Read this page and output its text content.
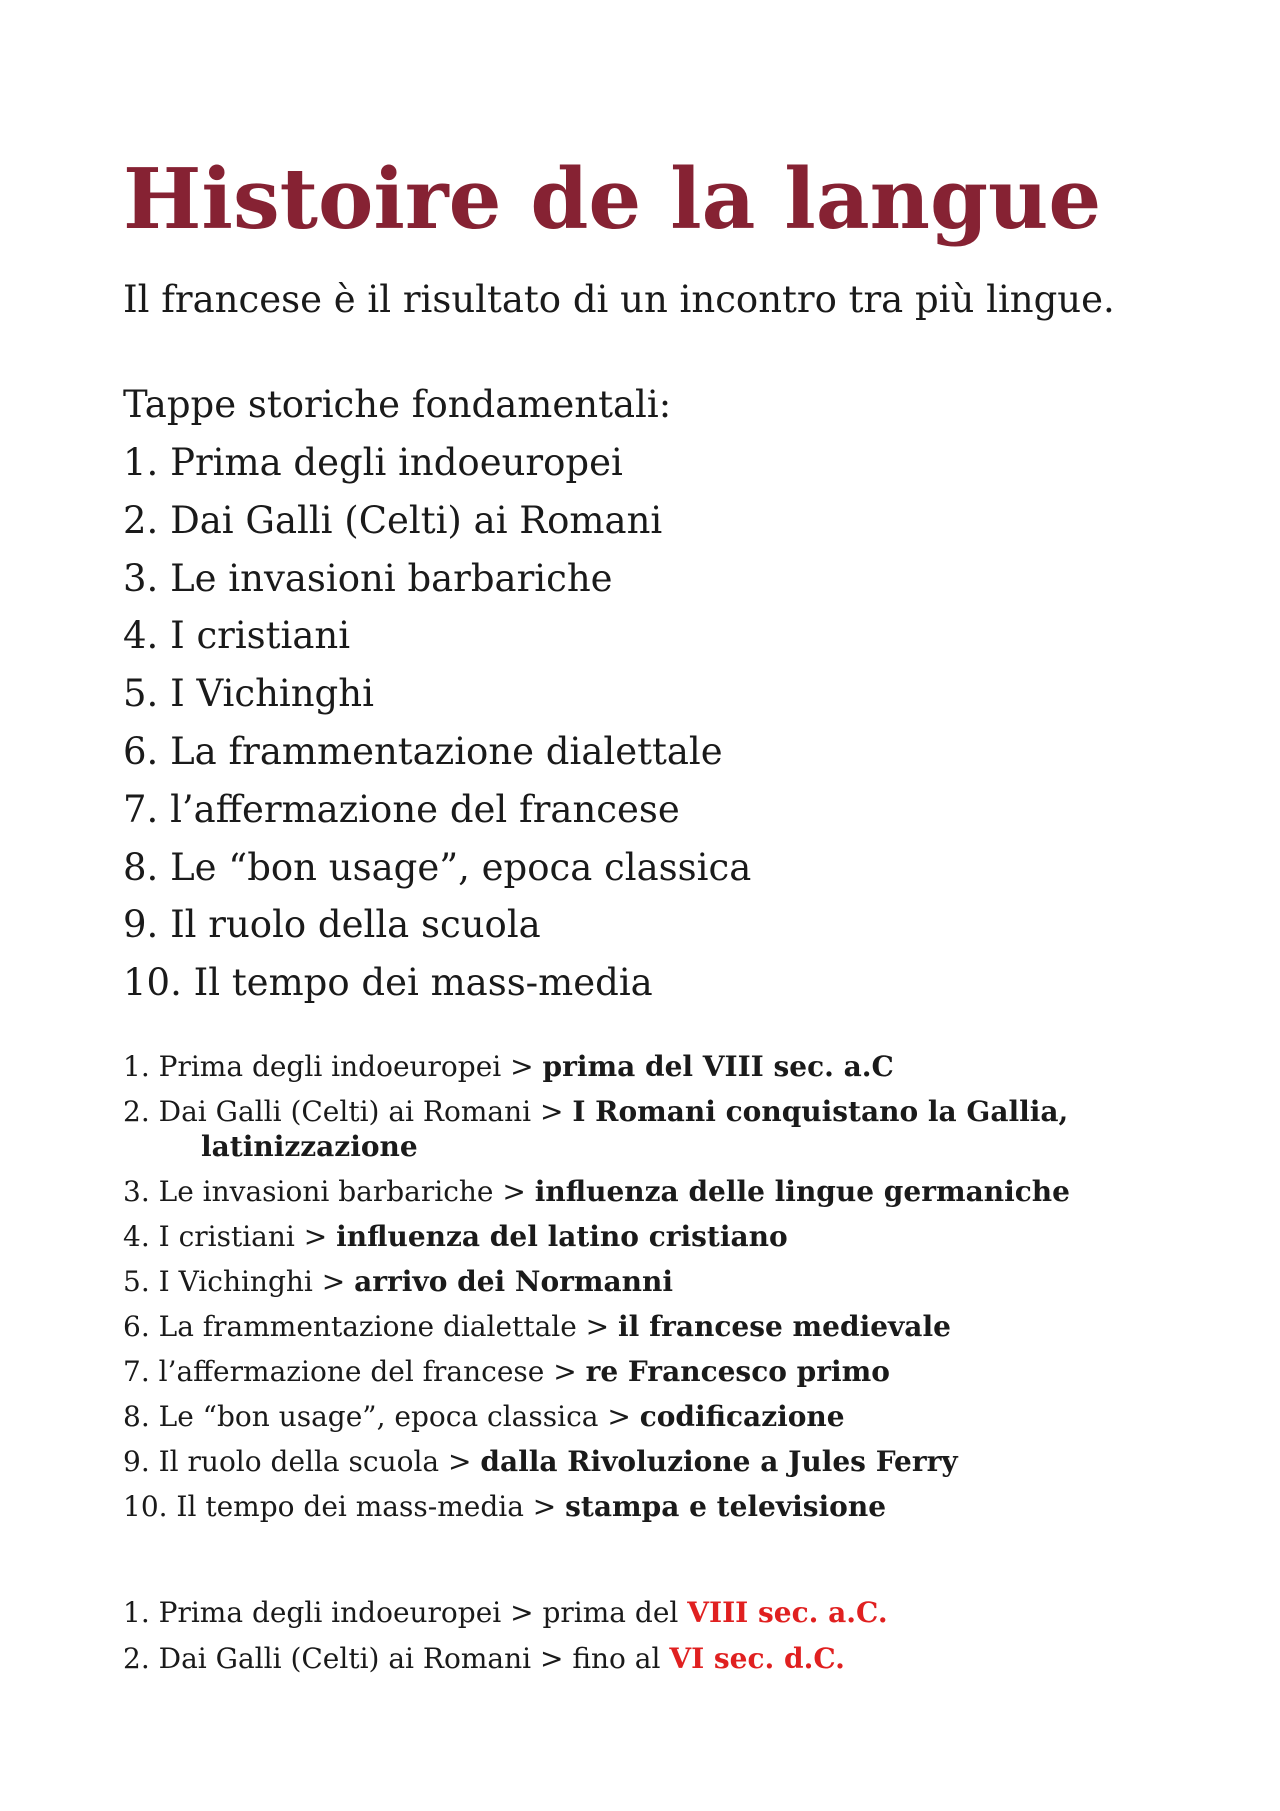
Histoire de la langue

Il francese è il risultato di un incontro tra più lingue.

Tappe storiche fondamentali:

1. Prima degli indoeuropei
2. Dai Galli (Celti) ai Romani
3. Le invasioni barbariche
4. I cristiani
5. I Vichinghi
6. La frammentazione dialettale
7. l’affermazione del francese
8. Le “bon usage”, epoca classica
9. Il ruolo della scuola
10. Il tempo dei mass-media
1. Prima degli indoeuropei > prima del VIII sec. a.C
2. Dai Galli (Celti) ai Romani > I Romani conquistano la Gallia, latinizzazione
3. Le invasioni barbariche > influenza delle lingue germaniche
4. I cristiani > influenza del latino cristiano
5. I Vichinghi > arrivo dei Normanni
6. La frammentazione dialettale > il francese medievale
7. l’affermazione del francese > re Francesco primo
8. Le “bon usage”, epoca classica > codificazione
9. Il ruolo della scuola > dalla Rivoluzione a Jules Ferry
10. Il tempo dei mass-media > stampa e televisione
1. Prima degli indoeuropei > prima del VIII sec. a.C.
2. Dai Galli (Celti) ai Romani > fino al VI sec. d.C.
